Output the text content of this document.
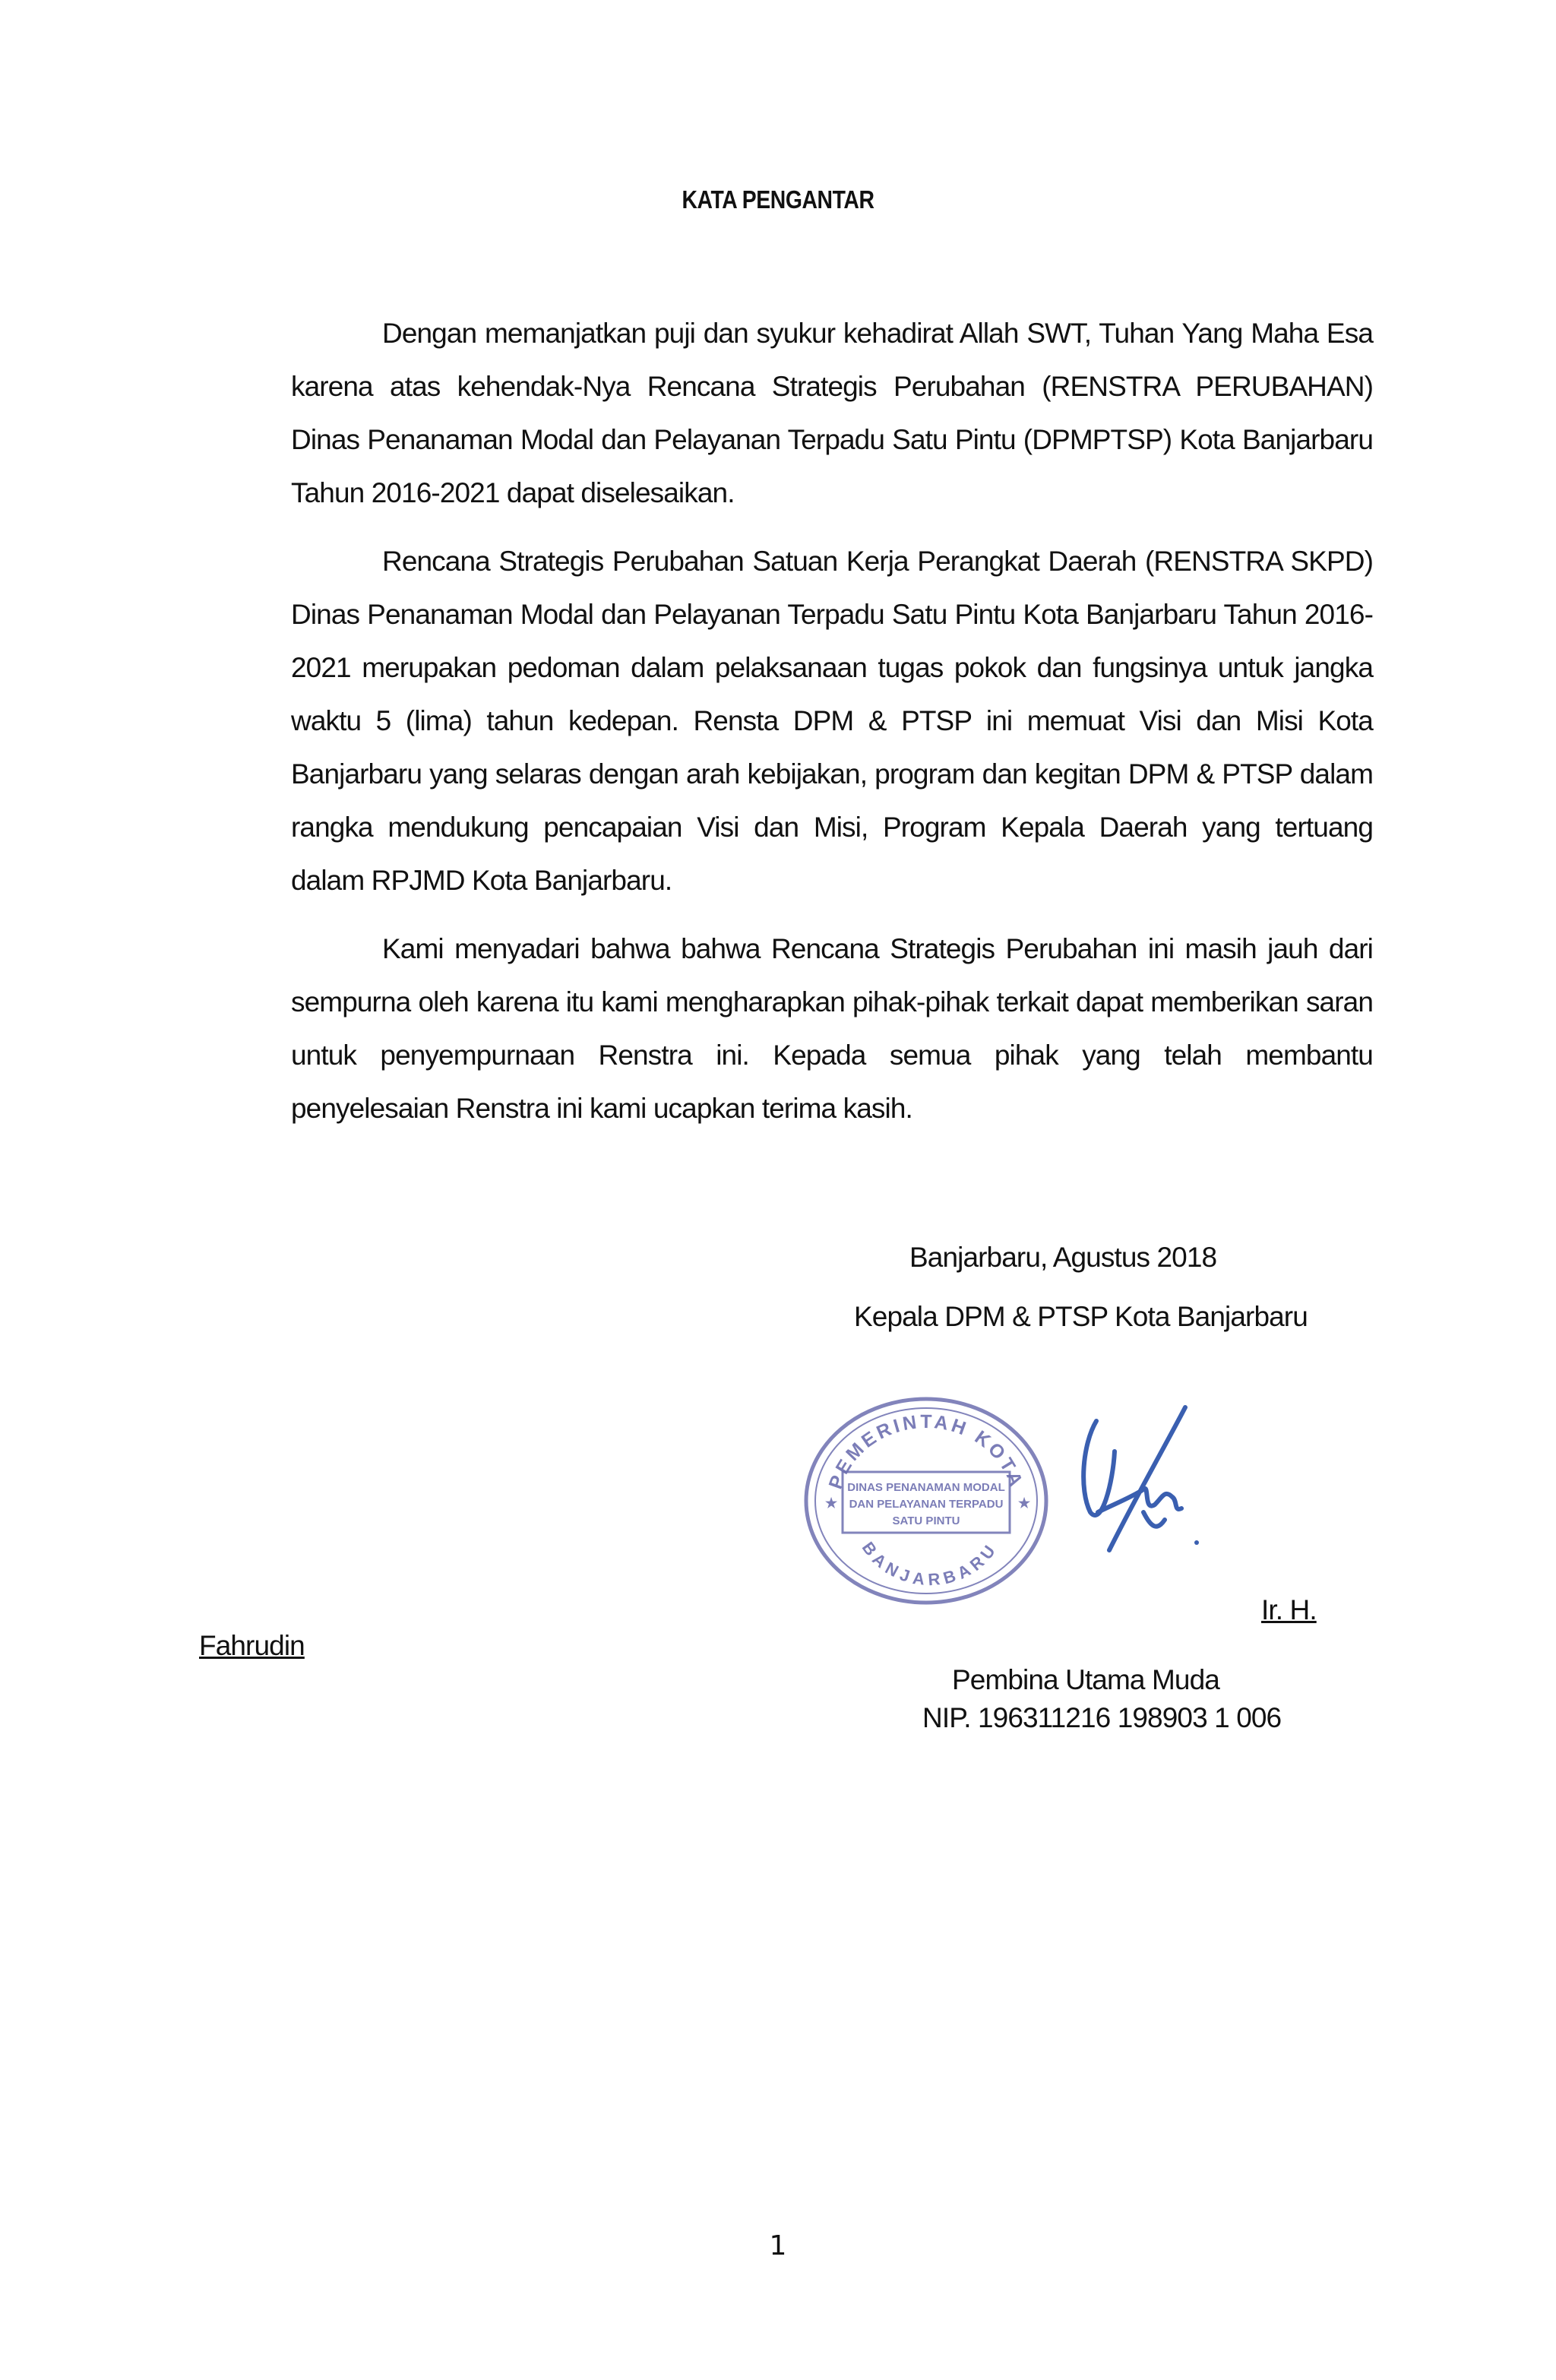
KATA PENGANTAR

Dengan memanjatkan puji dan syukur kehadirat Allah SWT, Tuhan Yang Maha Esa karena atas kehendak-Nya Rencana Strategis Perubahan (RENSTRA PERUBAHAN) Dinas Penanaman Modal dan Pelayanan Terpadu Satu Pintu (DPMPTSP) Kota Banjarbaru Tahun 2016-2021 dapat diselesaikan.

Rencana Strategis Perubahan Satuan Kerja Perangkat Daerah (RENSTRA SKPD) Dinas Penanaman Modal dan Pelayanan Terpadu Satu Pintu Kota Banjarbaru Tahun 2016-2021 merupakan pedoman dalam pelaksanaan tugas pokok dan fungsinya untuk jangka waktu 5 (lima) tahun kedepan. Rensta DPM & PTSP ini memuat Visi dan Misi Kota Banjarbaru yang selaras dengan arah kebijakan, program dan kegitan DPM & PTSP dalam rangka mendukung pencapaian Visi dan Misi, Program Kepala Daerah yang tertuang dalam RPJMD Kota Banjarbaru.

Kami menyadari bahwa bahwa Rencana Strategis Perubahan ini masih jauh dari sempurna oleh karena itu kami mengharapkan pihak-pihak terkait dapat memberikan saran untuk penyempurnaan Renstra ini. Kepada semua pihak yang telah membantu penyelesaian Renstra ini kami ucapkan terima kasih.

Banjarbaru, Agustus 2018
Kepala DPM & PTSP Kota Banjarbaru
PEMERINTAH KOTA
BANJARBARU
DINAS PENANAMAN MODAL
DAN PELAYANAN TERPADU
SATU PINTU
★	★
Ir. H.
Fahrudin
Pembina Utama Muda
NIP. 196311216 198903 1 006
1
